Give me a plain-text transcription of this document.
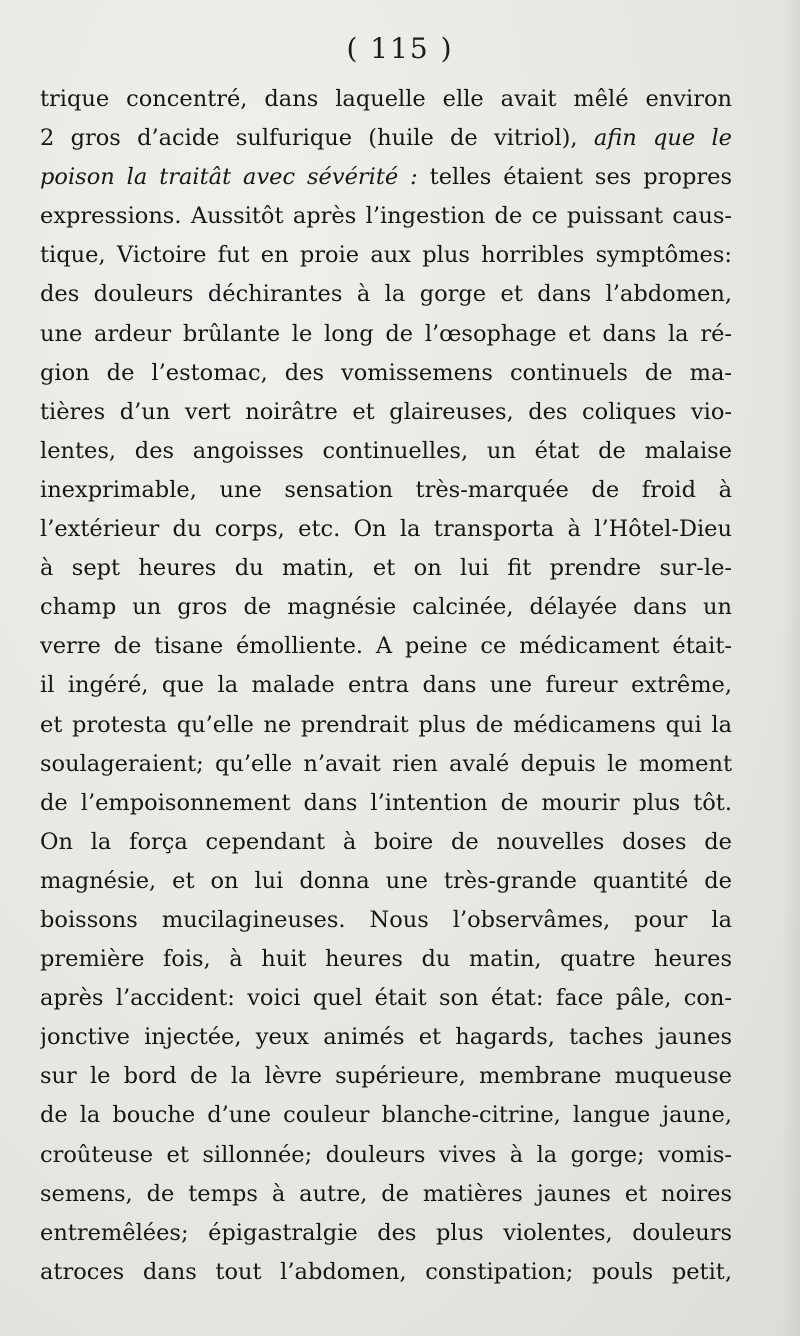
( 115 )
trique concentré, dans laquelle elle avait mêlé environ
2 gros d’acide sulfurique (huile de vitriol), afin que le
poison la traitât avec sévérité : telles étaient ses propres
expressions. Aussitôt après l’ingestion de ce puissant caus-
tique, Victoire fut en proie aux plus horribles symptômes:
des douleurs déchirantes à la gorge et dans l’abdomen,
une ardeur brûlante le long de l’œsophage et dans la ré-
gion de l’estomac, des vomissemens continuels de ma-
tières d’un vert noirâtre et glaireuses, des coliques vio-
lentes, des angoisses continuelles, un état de malaise
inexprimable, une sensation très-marquée de froid à
l’extérieur du corps, etc. On la transporta à l’Hôtel-Dieu
à sept heures du matin, et on lui fit prendre sur-le-
champ un gros de magnésie calcinée, délayée dans un
verre de tisane émolliente. A peine ce médicament était-
il ingéré, que la malade entra dans une fureur extrême,
et protesta qu’elle ne prendrait plus de médicamens qui la
soulageraient; qu’elle n’avait rien avalé depuis le moment
de l’empoisonnement dans l’intention de mourir plus tôt.
On la força cependant à boire de nouvelles doses de
magnésie, et on lui donna une très-grande quantité de
boissons mucilagineuses. Nous l’observâmes, pour la
première fois, à huit heures du matin, quatre heures
après l’accident: voici quel était son état: face pâle, con-
jonctive injectée, yeux animés et hagards, taches jaunes
sur le bord de la lèvre supérieure, membrane muqueuse
de la bouche d’une couleur blanche-citrine, langue jaune,
croûteuse et sillonnée; douleurs vives à la gorge; vomis-
semens, de temps à autre, de matières jaunes et noires
entremêlées; épigastralgie des plus violentes, douleurs
atroces dans tout l’abdomen, constipation; pouls petit,
